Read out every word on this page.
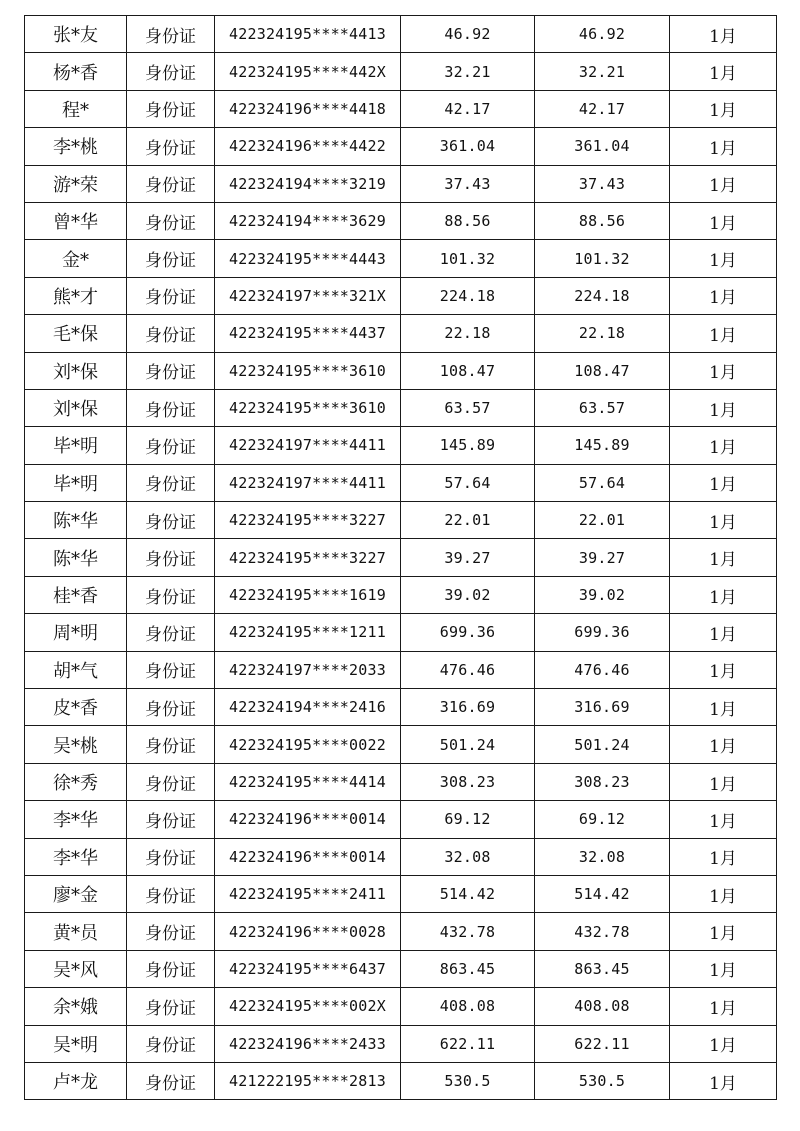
张*友	身份证	422324195****4413	46.92	46.92	1月
杨*香	身份证	422324195****442X	32.21	32.21	1月
程*	身份证	422324196****4418	42.17	42.17	1月
李*桃	身份证	422324196****4422	361.04	361.04	1月
游*荣	身份证	422324194****3219	37.43	37.43	1月
曾*华	身份证	422324194****3629	88.56	88.56	1月
金*	身份证	422324195****4443	101.32	101.32	1月
熊*才	身份证	422324197****321X	224.18	224.18	1月
毛*保	身份证	422324195****4437	22.18	22.18	1月
刘*保	身份证	422324195****3610	108.47	108.47	1月
刘*保	身份证	422324195****3610	63.57	63.57	1月
毕*明	身份证	422324197****4411	145.89	145.89	1月
毕*明	身份证	422324197****4411	57.64	57.64	1月
陈*华	身份证	422324195****3227	22.01	22.01	1月
陈*华	身份证	422324195****3227	39.27	39.27	1月
桂*香	身份证	422324195****1619	39.02	39.02	1月
周*明	身份证	422324195****1211	699.36	699.36	1月
胡*气	身份证	422324197****2033	476.46	476.46	1月
皮*香	身份证	422324194****2416	316.69	316.69	1月
吴*桃	身份证	422324195****0022	501.24	501.24	1月
徐*秀	身份证	422324195****4414	308.23	308.23	1月
李*华	身份证	422324196****0014	69.12	69.12	1月
李*华	身份证	422324196****0014	32.08	32.08	1月
廖*金	身份证	422324195****2411	514.42	514.42	1月
黄*员	身份证	422324196****0028	432.78	432.78	1月
吴*风	身份证	422324195****6437	863.45	863.45	1月
余*娥	身份证	422324195****002X	408.08	408.08	1月
吴*明	身份证	422324196****2433	622.11	622.11	1月
卢*龙	身份证	421222195****2813	530.5	530.5	1月
